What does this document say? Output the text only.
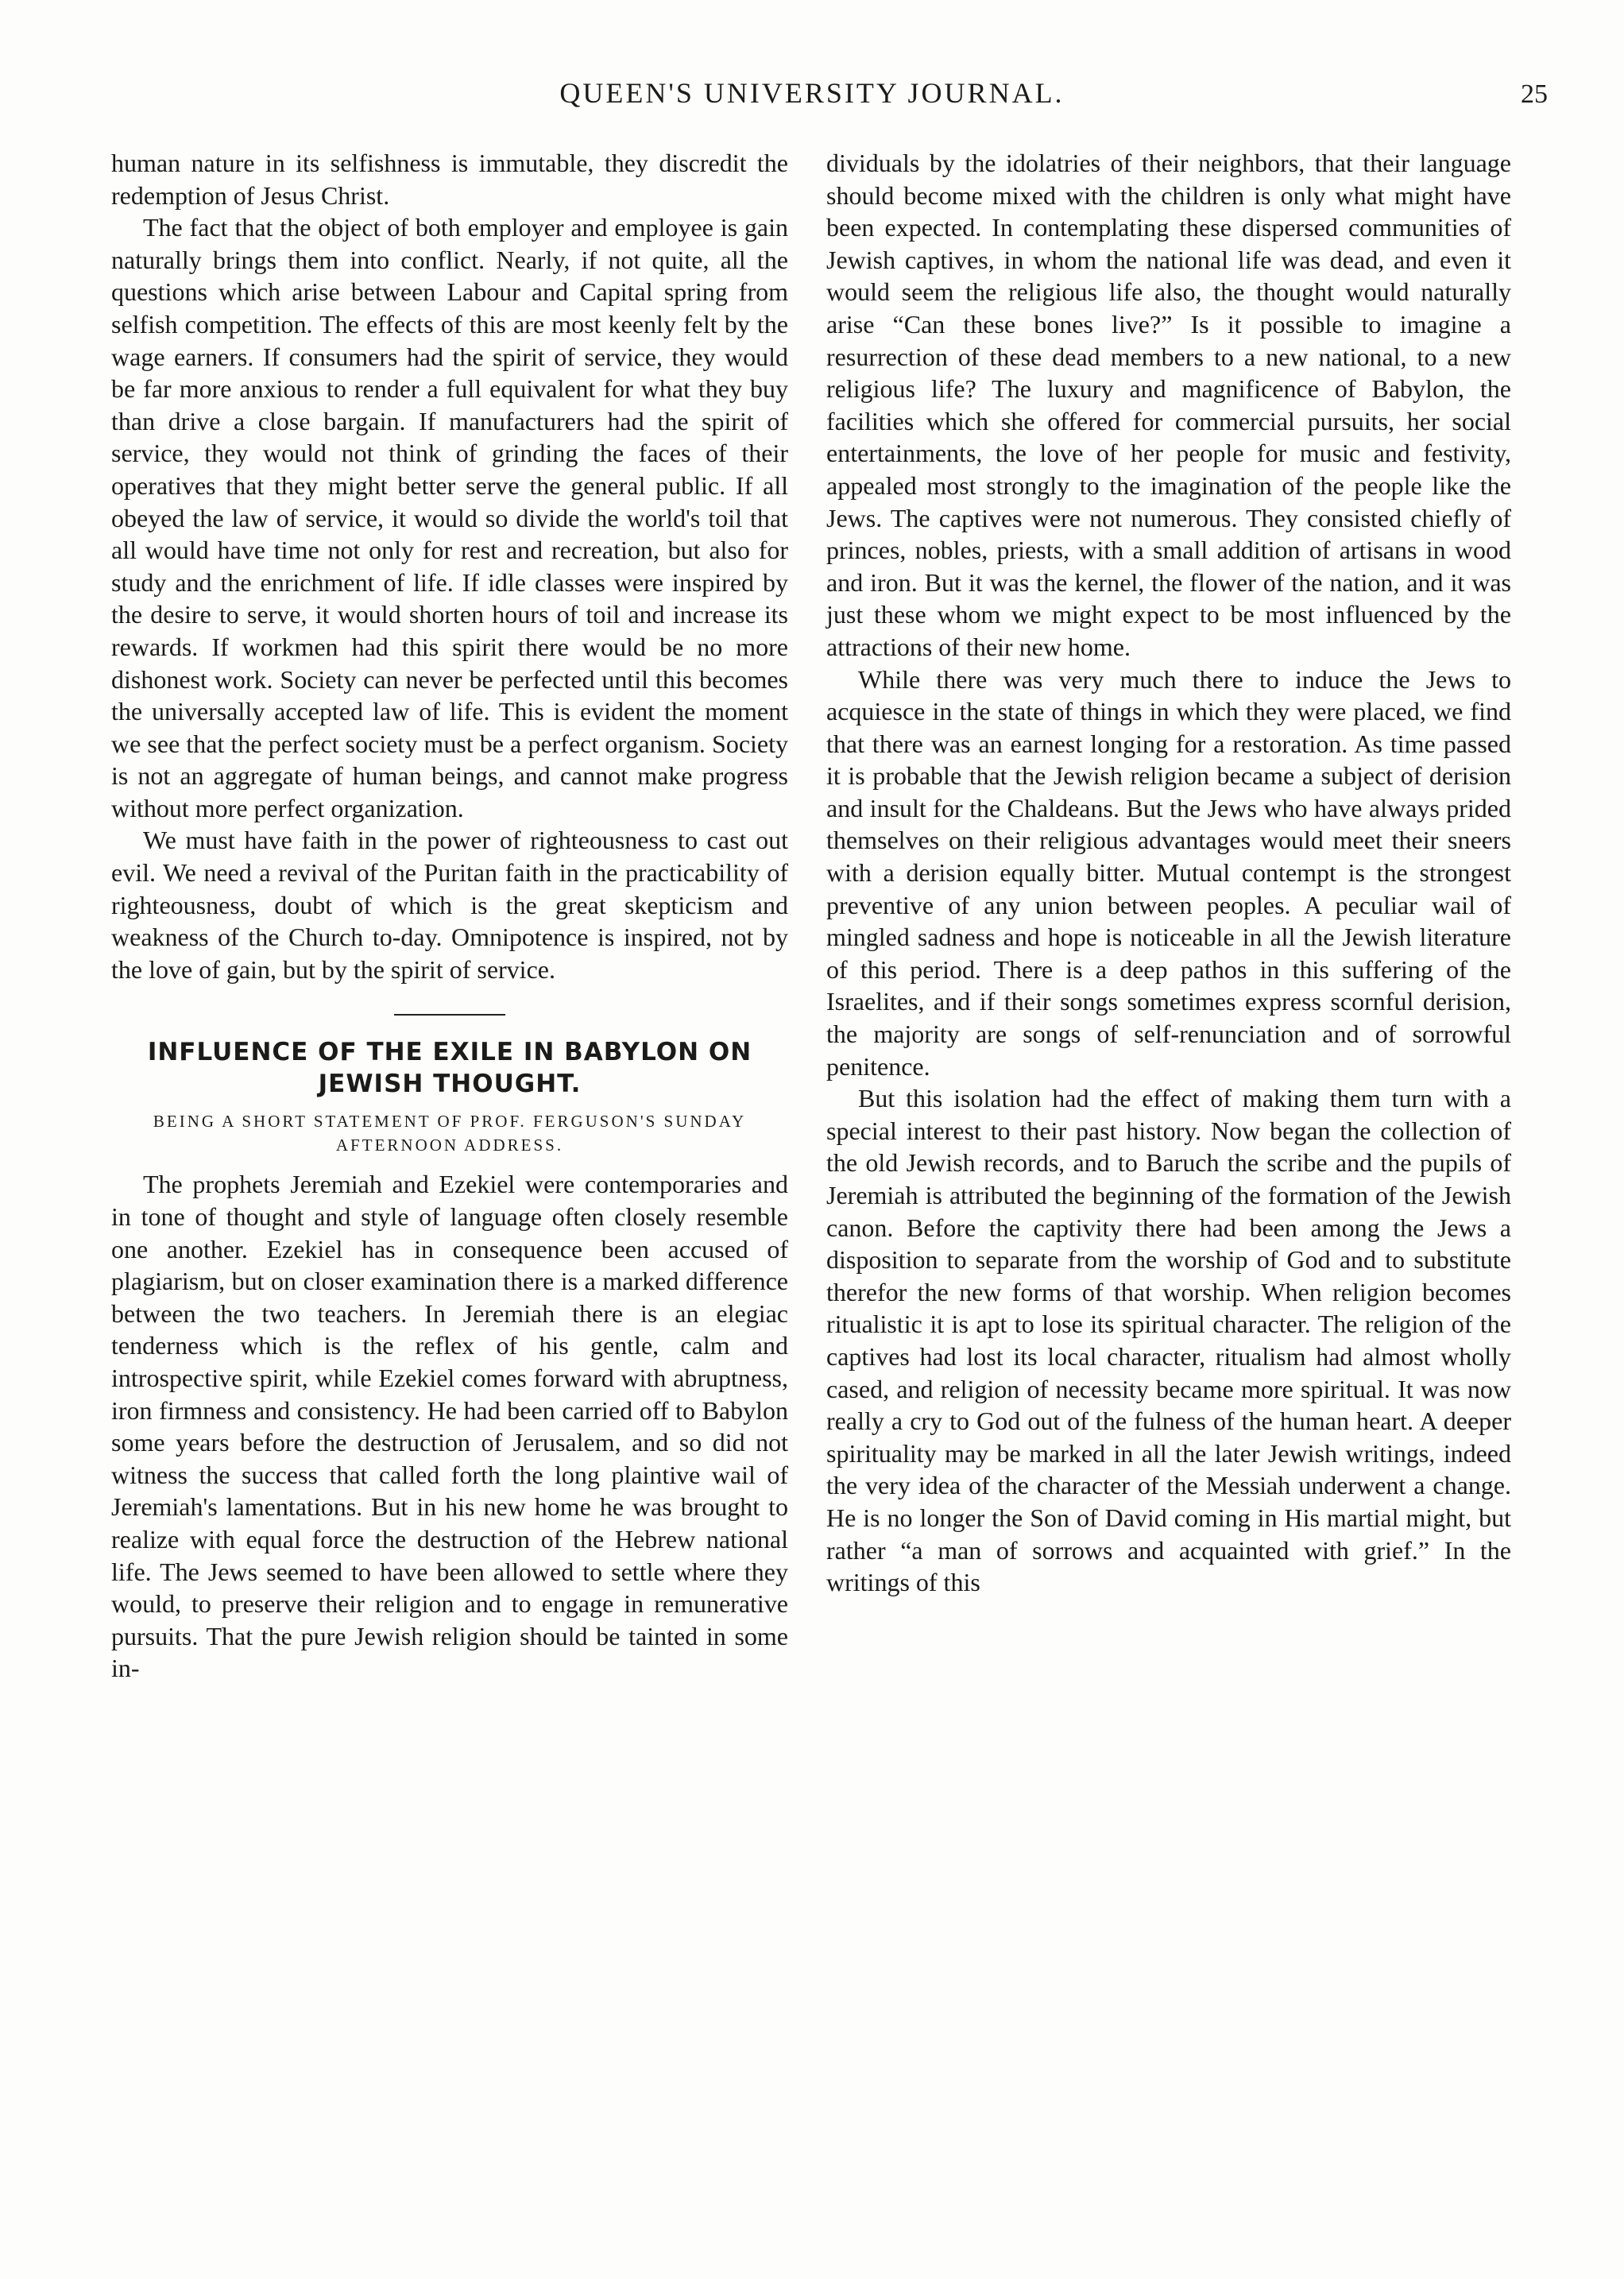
QUEEN'S UNIVERSITY JOURNAL.	25

human nature in its selfishness is immutable, they discredit the redemption of Jesus Christ.

The fact that the object of both employer and employee is gain naturally brings them into conflict. Nearly, if not quite, all the questions which arise between Labour and Capital spring from selfish competition. The effects of this are most keenly felt by the wage earners. If consumers had the spirit of service, they would be far more anxious to render a full equivalent for what they buy than drive a close bargain. If manufacturers had the spirit of service, they would not think of grinding the faces of their operatives that they might better serve the general public. If all obeyed the law of service, it would so divide the world's toil that all would have time not only for rest and recreation, but also for study and the enrichment of life. If idle classes were inspired by the desire to serve, it would shorten hours of toil and increase its rewards. If workmen had this spirit there would be no more dishonest work. Society can never be perfected until this becomes the universally accepted law of life. This is evident the moment we see that the perfect society must be a perfect organism. Society is not an aggregate of human beings, and cannot make progress without more perfect organization.

We must have faith in the power of righteousness to cast out evil. We need a revival of the Puritan faith in the practicability of righteousness, doubt of which is the great skepticism and weakness of the Church to-day. Omnipotence is inspired, not by the love of gain, but by the spirit of service.

INFLUENCE OF THE EXILE IN BABYLON ON JEWISH THOUGHT.
BEING A SHORT STATEMENT OF PROF. FERGUSON'S SUNDAY AFTERNOON ADDRESS.

The prophets Jeremiah and Ezekiel were contemporaries and in tone of thought and style of language often closely resemble one another. Ezekiel has in consequence been accused of plagiarism, but on closer examination there is a marked difference between the two teachers. In Jeremiah there is an elegiac tenderness which is the reflex of his gentle, calm and introspective spirit, while Ezekiel comes forward with abruptness, iron firmness and consistency. He had been carried off to Babylon some years before the destruction of Jerusalem, and so did not witness the success that called forth the long plaintive wail of Jeremiah's lamentations. But in his new home he was brought to realize with equal force the destruction of the Hebrew national life. The Jews seemed to have been allowed to settle where they would, to preserve their religion and to engage in remunerative pursuits. That the pure Jewish religion should be tainted in some in-

dividuals by the idolatries of their neighbors, that their language should become mixed with the children is only what might have been expected. In contemplating these dispersed communities of Jewish captives, in whom the national life was dead, and even it would seem the religious life also, the thought would naturally arise “Can these bones live?” Is it possible to imagine a resurrection of these dead members to a new national, to a new religious life? The luxury and magnificence of Babylon, the facilities which she offered for commercial pursuits, her social entertainments, the love of her people for music and festivity, appealed most strongly to the imagination of the people like the Jews. The captives were not numerous. They consisted chiefly of princes, nobles, priests, with a small addition of artisans in wood and iron. But it was the kernel, the flower of the nation, and it was just these whom we might expect to be most influenced by the attractions of their new home.

While there was very much there to induce the Jews to acquiesce in the state of things in which they were placed, we find that there was an earnest longing for a restoration. As time passed it is probable that the Jewish religion became a subject of derision and insult for the Chaldeans. But the Jews who have always prided themselves on their religious advantages would meet their sneers with a derision equally bitter. Mutual contempt is the strongest preventive of any union between peoples. A peculiar wail of mingled sadness and hope is noticeable in all the Jewish literature of this period. There is a deep pathos in this suffering of the Israelites, and if their songs sometimes express scornful derision, the majority are songs of self-renunciation and of sorrowful penitence.

But this isolation had the effect of making them turn with a special interest to their past history. Now began the collection of the old Jewish records, and to Baruch the scribe and the pupils of Jeremiah is attributed the beginning of the formation of the Jewish canon. Before the captivity there had been among the Jews a disposition to separate from the worship of God and to substitute therefor the new forms of that worship. When religion becomes ritualistic it is apt to lose its spiritual character. The religion of the captives had lost its local character, ritualism had almost wholly cased, and religion of necessity became more spiritual. It was now really a cry to God out of the fulness of the human heart. A deeper spirituality may be marked in all the later Jewish writings, indeed the very idea of the character of the Messiah underwent a change. He is no longer the Son of David coming in His martial might, but rather “a man of sorrows and acquainted with grief.” In the writings of this
